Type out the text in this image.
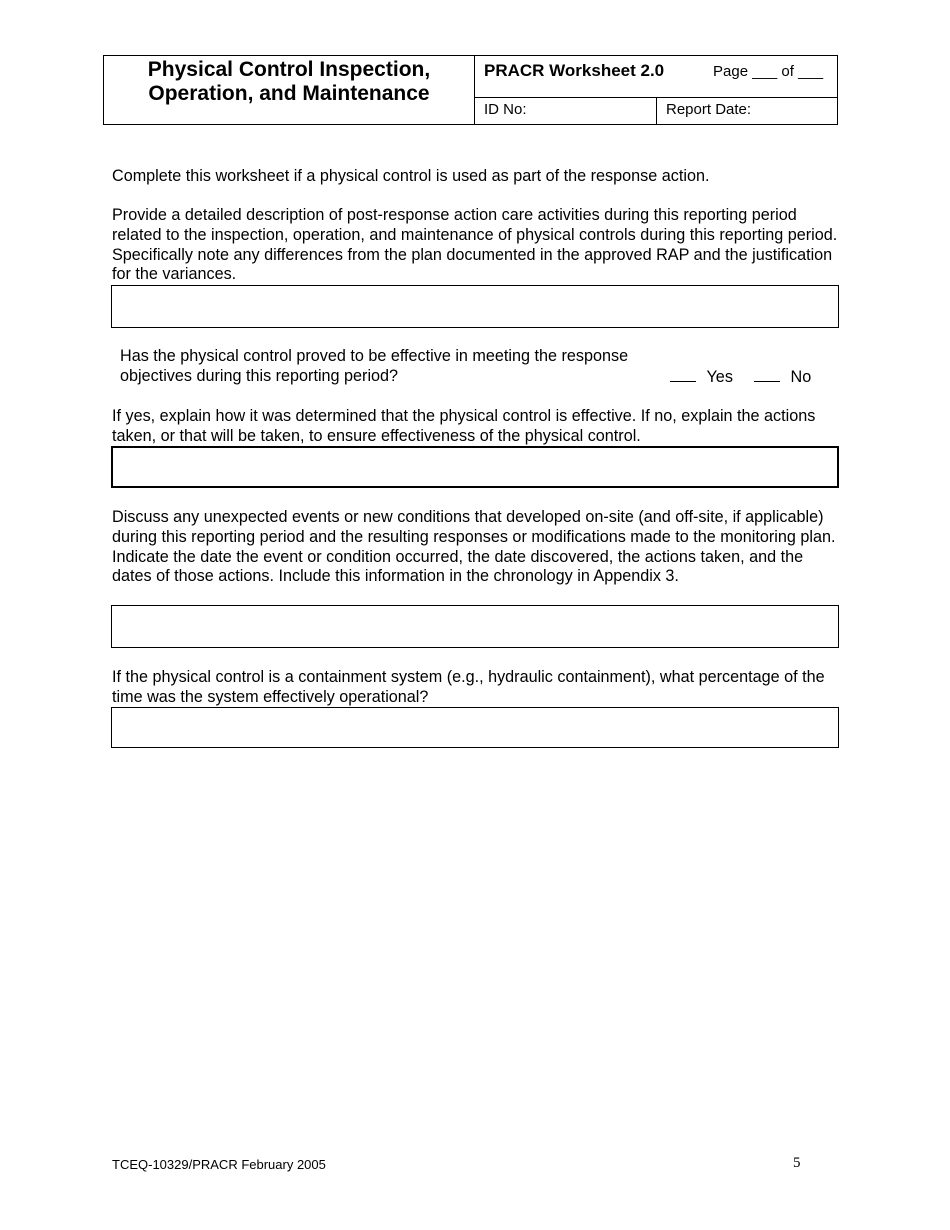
Physical Control Inspection,
Operation, and Maintenance
PRACR Worksheet 2.0	Page ___ of ___
ID No:	Report Date:
Complete this worksheet if a physical control is used as part of the response action.
Provide a detailed description of post-response action care activities during this reporting period related to the inspection, operation, and maintenance of physical controls during this reporting period. Specifically note any differences from the plan documented in the approved RAP and the justification for the variances.
Has the physical control proved to be effective in meeting the response objectives during this reporting period?	Yes	No
If yes, explain how it was determined that the physical control is effective. If no, explain the actions taken, or that will be taken, to ensure effectiveness of the physical control.
Discuss any unexpected events or new conditions that developed on-site (and off-site, if applicable) during this reporting period and the resulting responses or modifications made to the monitoring plan. Indicate the date the event or condition occurred, the date discovered, the actions taken, and the dates of those actions. Include this information in the chronology in Appendix 3.
If the physical control is a containment system (e.g., hydraulic containment), what percentage of the time was the system effectively operational?
TCEQ-10329/PRACR February 2005	5
